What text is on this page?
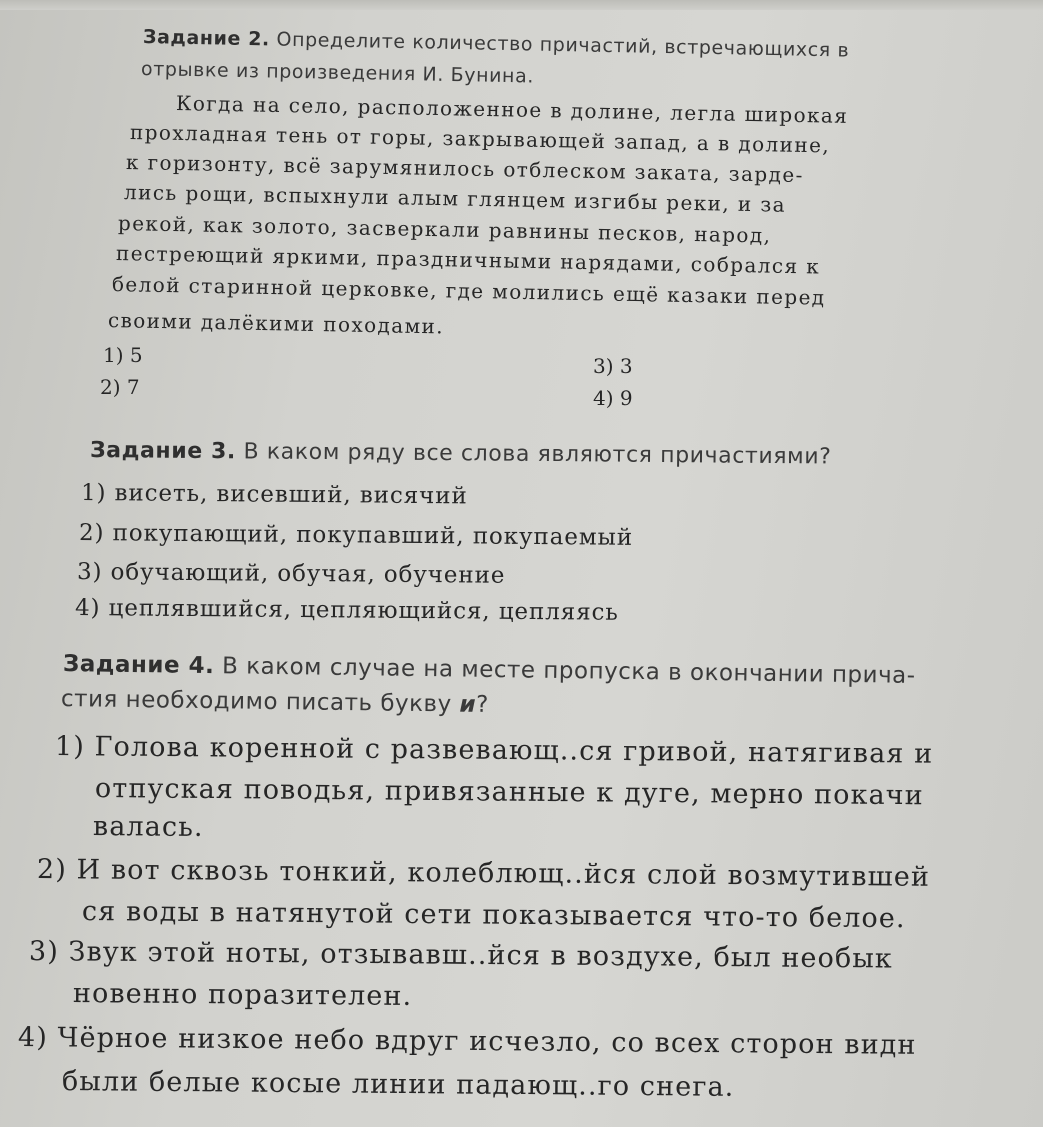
Задание 2. Определите количество причастий, встречающихся в
отрывке из произведения И. Бунина.
Когда на село, расположенное в долине, легла широкая
прохладная тень от горы, закрывающей запад, а в долине,
к горизонту, всё зарумянилось отблеском заката, зарде-
лись рощи, вспыхнули алым глянцем изгибы реки, и за
рекой, как золото, засверкали равнины песков, народ,
пестреющий яркими, праздничными нарядами, собрался к
белой старинной церковке, где молились ещё казаки перед
своими далёкими походами.
1) 5
2) 7
3) 3
4) 9
Задание 3. В каком ряду все слова являются причастиями?
1) висеть, висевший, висячий
2) покупающий, покупавший, покупаемый
3) обучающий, обучая, обучение
4) цеплявшийся, цепляющийся, цепляясь
Задание 4. В каком случае на месте пропуска в окончании прича-
стия необходимо писать букву и?
1) Голова коренной с развевающ..ся гривой, натягивая и
отпуская поводья, привязанные к дуге, мерно покачи
валась.
2) И вот сквозь тонкий, колеблющ..йся слой возмутившей
ся воды в натянутой сети показывается что-то белое.
3) Звук этой ноты, отзывавш..йся в воздухе, был необык
новенно поразителен.
4) Чёрное низкое небо вдруг исчезло, со всех сторон видн
были белые косые линии падающ..го снега.
